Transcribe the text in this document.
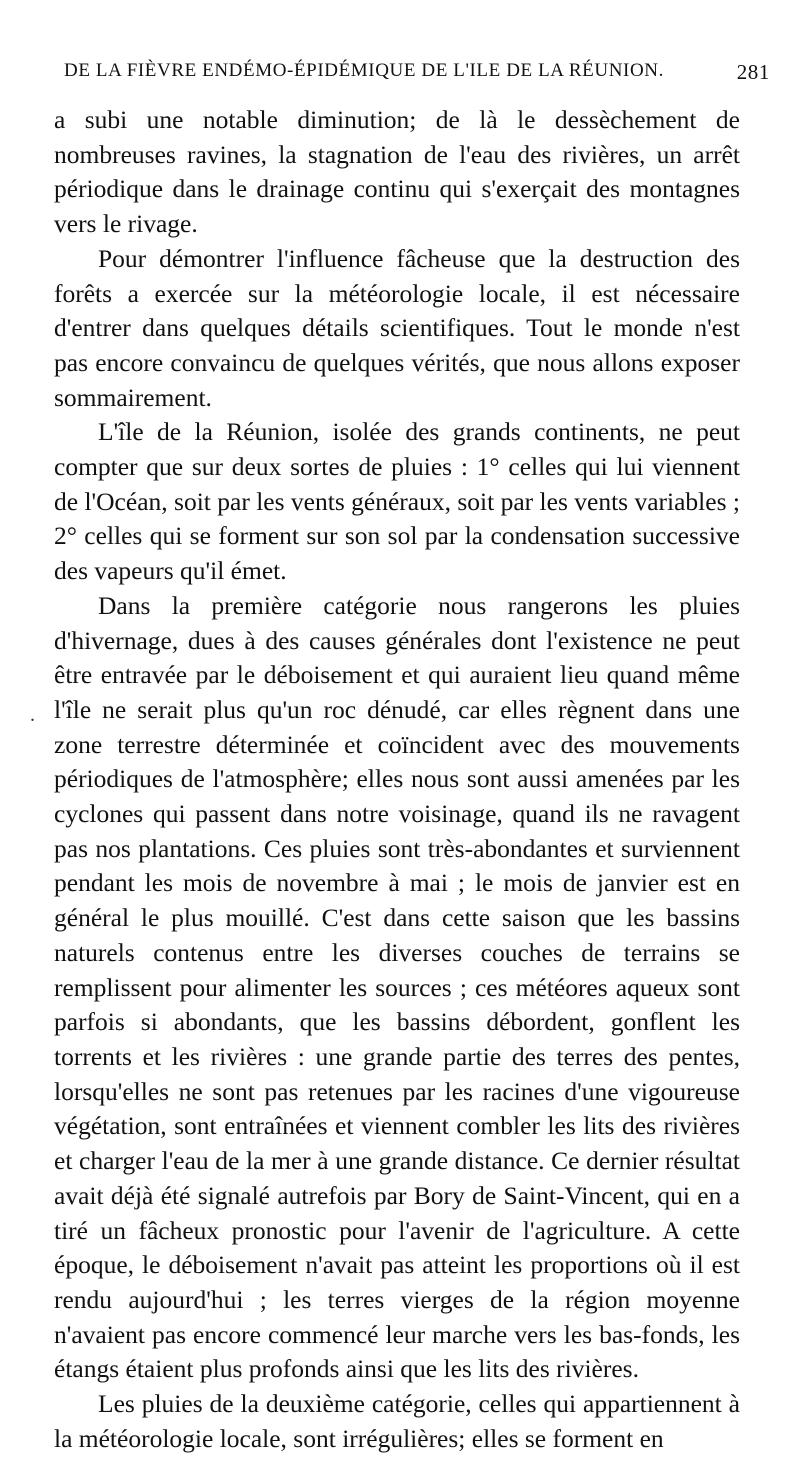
DE LA FIÈVRE ENDÉMO-ÉPIDÉMIQUE DE L'ILE DE LA RÉUNION.	281
.

a subi une notable diminution; de là le dessèchement de nombreuses ravines, la stagnation de l'eau des rivières, un arrêt périodique dans le drainage continu qui s'exerçait des montagnes vers le rivage.

Pour démontrer l'influence fâcheuse que la destruction des forêts a exercée sur la météorologie locale, il est nécessaire d'entrer dans quelques détails scientifiques. Tout le monde n'est pas encore convaincu de quelques vérités, que nous allons exposer sommairement.

L'île de la Réunion, isolée des grands continents, ne peut compter que sur deux sortes de pluies : 1° celles qui lui viennent de l'Océan, soit par les vents généraux, soit par les vents variables ; 2° celles qui se forment sur son sol par la condensation successive des vapeurs qu'il émet.

Dans la première catégorie nous rangerons les pluies d'hivernage, dues à des causes générales dont l'existence ne peut être entravée par le déboisement et qui auraient lieu quand même l'île ne serait plus qu'un roc dénudé, car elles règnent dans une zone terrestre déterminée et coïncident avec des mouvements périodiques de l'atmosphère; elles nous sont aussi amenées par les cyclones qui passent dans notre voisinage, quand ils ne ravagent pas nos plantations. Ces pluies sont très-abondantes et surviennent pendant les mois de novembre à mai ; le mois de janvier est en général le plus mouillé. C'est dans cette saison que les bassins naturels contenus entre les diverses couches de terrains se remplissent pour alimenter les sources ; ces météores aqueux sont parfois si abondants, que les bassins débordent, gonflent les torrents et les rivières : une grande partie des terres des pentes, lorsqu'elles ne sont pas retenues par les racines d'une vigoureuse végétation, sont entraînées et viennent combler les lits des rivières et charger l'eau de la mer à une grande distance. Ce dernier résultat avait déjà été signalé autrefois par Bory de Saint-Vincent, qui en a tiré un fâcheux pronostic pour l'avenir de l'agriculture. A cette époque, le déboisement n'avait pas atteint les proportions où il est rendu aujourd'hui ; les terres vierges de la région moyenne n'avaient pas encore commencé leur marche vers les bas-fonds, les étangs étaient plus profonds ainsi que les lits des rivières.

Les pluies de la deuxième catégorie, celles qui appartiennent à la météorologie locale, sont irrégulières; elles se forment en
